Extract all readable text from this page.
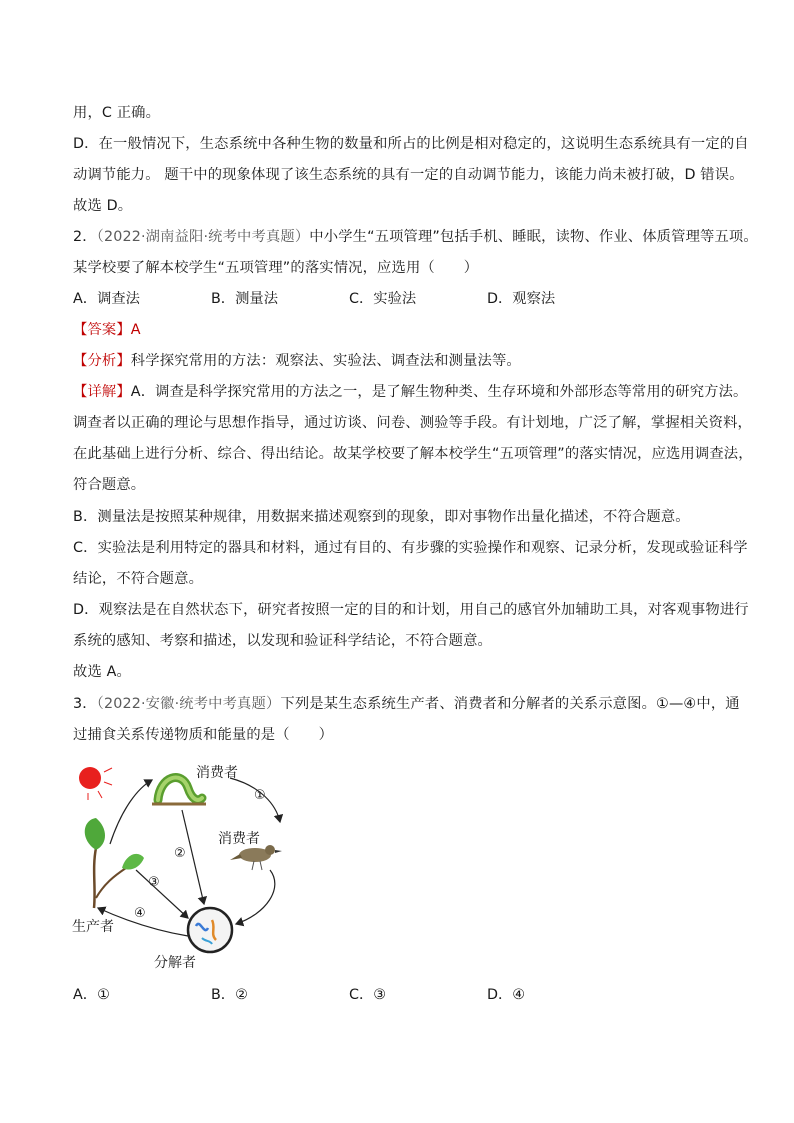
用，C 正确。
D．在一般情况下，生态系统中各种生物的数量和所占的比例是相对稳定的，这说明生态系统具有一定的自
动调节能力。 题干中的现象体现了该生态系统的具有一定的自动调节能力，该能力尚未被打破，D 错误。
故选 D。
2．（2022·湖南益阳·统考中考真题）中小学生“五项管理”包括手机、睡眠，读物、作业、体质管理等五项。
某学校要了解本校学生“五项管理”的落实情况，应选用（　　）
A．调查法	B．测量法	C．实验法	D．观察法
【答案】A
【分析】科学探究常用的方法：观察法、实验法、调查法和测量法等。
【详解】A．调查是科学探究常用的方法之一，是了解生物种类、生存环境和外部形态等常用的研究方法。
调查者以正确的理论与思想作指导，通过访谈、问卷、测验等手段。有计划地，广泛了解，掌握相关资料，
在此基础上进行分析、综合、得出结论。故某学校要了解本校学生“五项管理”的落实情况，应选用调查法，
符合题意。
B．测量法是按照某种规律，用数据来描述观察到的现象，即对事物作出量化描述，不符合题意。
C．实验法是利用特定的器具和材料，通过有目的、有步骤的实验操作和观察、记录分析，发现或验证科学
结论，不符合题意。
D．观察法是在自然状态下，研究者按照一定的目的和计划，用自己的感官外加辅助工具，对客观事物进行
系统的感知、考察和描述，以发现和验证科学结论，不符合题意。
故选 A。
3．（2022·安徽·统考中考真题）下列是某生态系统生产者、消费者和分解者的关系示意图。①—④中，通
过捕食关系传递物质和能量的是（　　）
消费者
消费者
生产者
分解者
①
②
③
④
A．①	B．②	C．③	D．④
